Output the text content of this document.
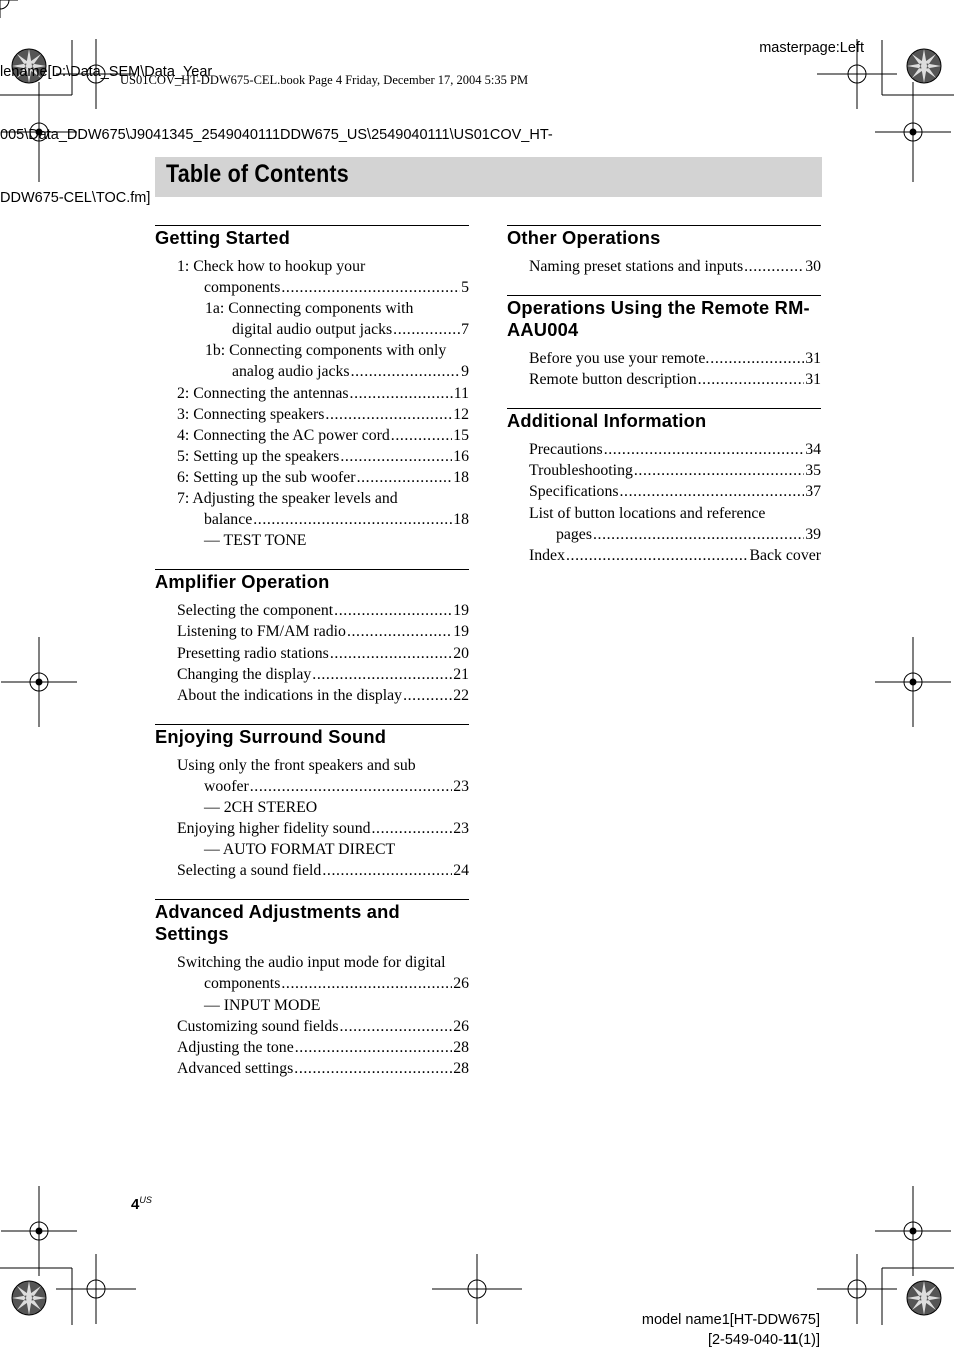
lename[D:\Data_SEM\Data_Year

005\Data_DDW675\J9041345_2549040111DDW675_US\2549040111\US01COV_HT-

DDW675-CEL\TOC.fm]

masterpage:Left
US01COV_HT-DDW675-CEL.book Page 4 Friday, December 17, 2004 5:35 PM
Table of Contents
Getting Started
1: Check how to hookup your
components .....	5
1a: Connecting components with
digital audio output jacks .....	7
1b: Connecting components with only
analog audio jacks .....	9
2: Connecting the antennas .....	11
3: Connecting speakers .....	12
4: Connecting the AC power cord .....	15
5: Setting up the speakers .....	16
6: Setting up the sub woofer .....	18
7: Adjusting the speaker levels and
balance .....	18
— TEST TONE
Amplifier Operation
Selecting the component .....	19
Listening to FM/AM radio .....	19
Presetting radio stations .....	20
Changing the display .....	21
About the indications in the display .....	22
Enjoying Surround Sound
Using only the front speakers and sub
woofer .....	23
— 2CH STEREO
Enjoying higher fidelity sound .....	23
— AUTO FORMAT DIRECT
Selecting a sound field .....	24
Advanced Adjustments and Settings
Switching the audio input mode for digital
components .....	26
— INPUT MODE
Customizing sound fields .....	26
Adjusting the tone .....	28
Advanced settings .....	28
Other Operations
Naming preset stations and inputs .....	30
Operations Using the Remote RM-AAU004
Before you use your remote. .....	31
Remote button description .....	31
Additional Information
Precautions .....	34
Troubleshooting .....	35
Specifications .....	37
List of button locations and reference
pages .....	39
Index .....	Back cover
$4^{US}$
model name1[HT-DDW675]
[2-549-040-11(1)]
